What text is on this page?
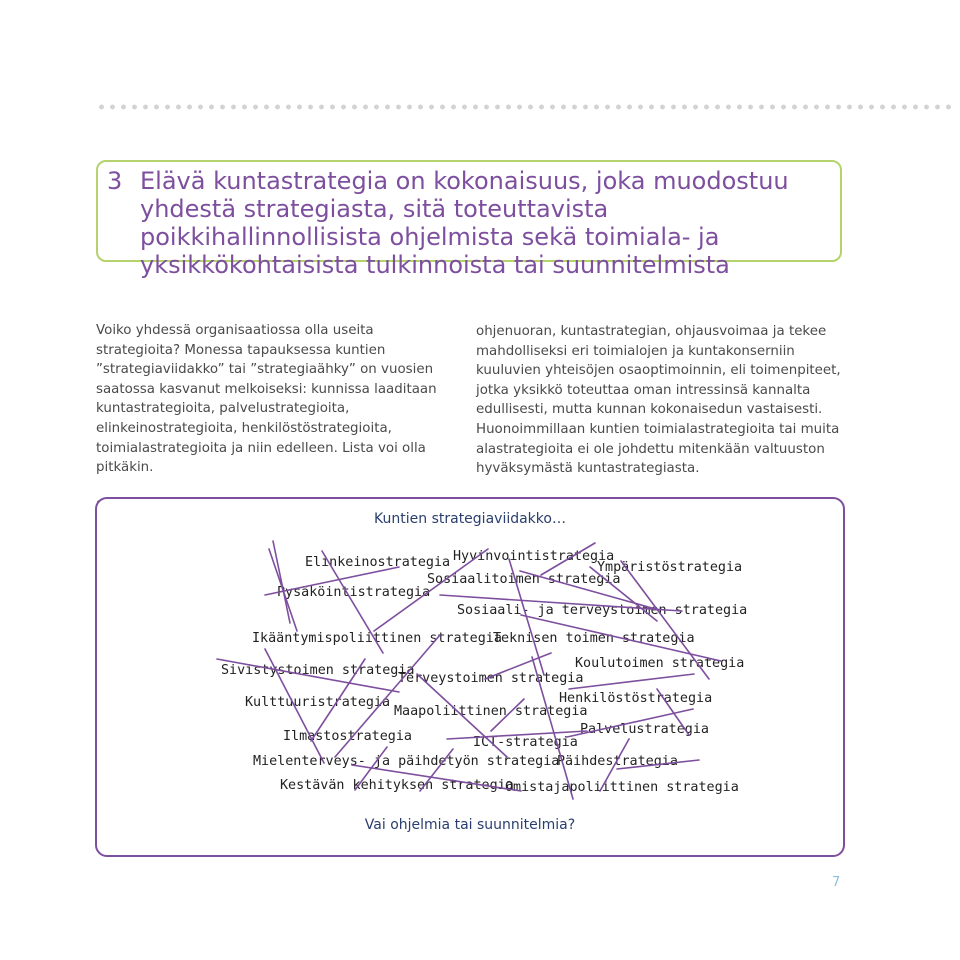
3 Elävä kuntastrategia on kokonaisuus, joka muodostuu yhdestä strategiasta, sitä toteuttavista poikkihallinnollisista ohjelmista sekä toimiala- ja yksikkökohtaisista tulkinnoista tai suunnitelmista

Voiko yhdessä organisaatiossa olla useita strategioita? Monessa tapauksessa kuntien ”strategiaviidakko” tai ”strategiaähky” on vuosien saatossa kasvanut melkoiseksi: kunnissa laaditaan kuntastrategioita, palvelustrategioita, elinkeinostrategioita, henkilöstöstrategioita, toimialastrategioita ja niin edelleen. Lista voi olla pitkäkin.

ohjenuoran, kuntastrategian, ohjausvoimaa ja tekee mahdolliseksi eri toimialojen ja kuntakonserniin kuuluvien yhteisöjen osaoptimoinnin, eli toimenpiteet, jotka yksikkö toteuttaa oman intressinsä kannalta edullisesti, mutta kunnan kokonaisedun vastaisesti. Huonoimmillaan kuntien toimialastrategioita tai muita alastrategioita ei ole johdettu mitenkään valtuuston hyväksymästä kuntastrategiasta.

Kuntien strategiaviidakko…
Elinkeinostrategia Hyvinvointistrategia
Ympäristöstrategia
Sosiaalitoimen strategia
Pysäköintistrategia
Sosiaali- ja terveystoimen strategia
Ikääntymispoliittinen strategia
Teknisen toimen strategia
Koulutoimen strategia
Sivistystoimen strategia
Terveystoimen strategia
Henkilöstöstrategia
Kulttuuristrategia
Maapoliittinen strategia
Palvelustrategia
Ilmastostrategia	ICT-strategia
Mielenterveys- ja päihdetyön strategia
Päihdestrategia
Kestävän kehityksen strategia
Omistajapoliittinen strategia
Vai ohjelmia tai suunnitelmia?
7
